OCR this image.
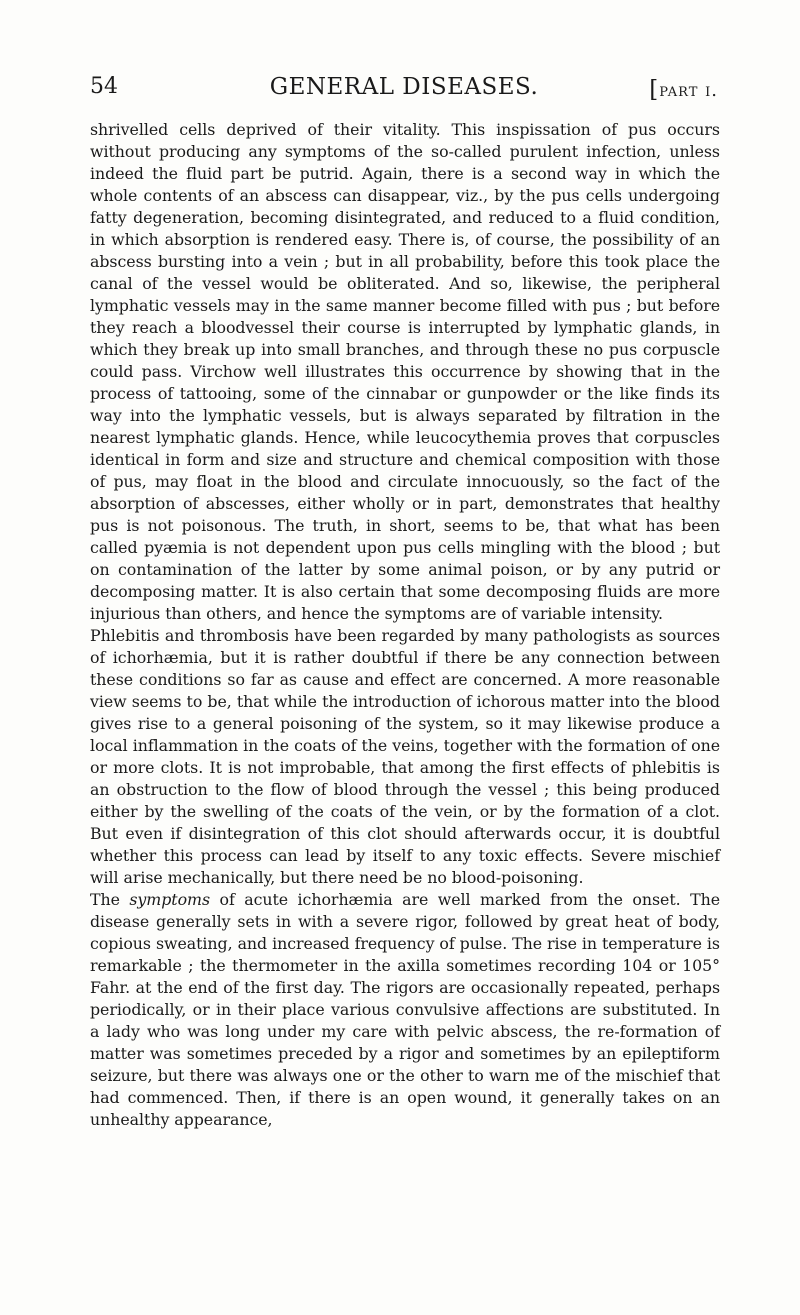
54	GENERAL DISEASES.	[part i.

shrivelled cells deprived of their vitality. This inspissation of pus occurs without producing any symptoms of the so-called purulent infection, unless indeed the fluid part be putrid. Again, there is a second way in which the whole contents of an abscess can disappear, viz., by the pus cells undergoing fatty degeneration, becoming disintegrated, and reduced to a fluid condition, in which absorption is rendered easy. There is, of course, the possibility of an abscess bursting into a vein ; but in all probability, before this took place the canal of the vessel would be obliterated. And so, likewise, the peripheral lymphatic vessels may in the same manner become filled with pus ; but before they reach a bloodvessel their course is interrupted by lymphatic glands, in which they break up into small branches, and through these no pus corpuscle could pass. Virchow well illustrates this occurrence by showing that in the process of tattooing, some of the cinnabar or gunpowder or the like finds its way into the lymphatic vessels, but is always separated by filtration in the nearest lymphatic glands. Hence, while leucocythemia proves that corpuscles identical in form and size and structure and chemical composition with those of pus, may float in the blood and circulate innocuously, so the fact of the absorption of abscesses, either wholly or in part, demonstrates that healthy pus is not poisonous. The truth, in short, seems to be, that what has been called pyæmia is not dependent upon pus cells mingling with the blood ; but on contamination of the latter by some animal poison, or by any putrid or decomposing matter. It is also certain that some decomposing fluids are more injurious than others, and hence the symptoms are of variable intensity.

Phlebitis and thrombosis have been regarded by many pathologists as sources of ichorhæmia, but it is rather doubtful if there be any connection between these conditions so far as cause and effect are concerned. A more reasonable view seems to be, that while the introduction of ichorous matter into the blood gives rise to a general poisoning of the system, so it may likewise produce a local inflammation in the coats of the veins, together with the formation of one or more clots. It is not improbable, that among the first effects of phlebitis is an obstruction to the flow of blood through the vessel ; this being produced either by the swelling of the coats of the vein, or by the formation of a clot. But even if disintegration of this clot should afterwards occur, it is doubtful whether this process can lead by itself to any toxic effects. Severe mischief will arise mechanically, but there need be no blood-poisoning.

The symptoms of acute ichorhæmia are well marked from the onset. The disease generally sets in with a severe rigor, followed by great heat of body, copious sweating, and increased frequency of pulse. The rise in temperature is remarkable ; the thermometer in the axilla sometimes recording 104 or 105° Fahr. at the end of the first day. The rigors are occasionally repeated, perhaps periodically, or in their place various convulsive affections are substituted. In a lady who was long under my care with pelvic abscess, the re-formation of matter was sometimes preceded by a rigor and sometimes by an epileptiform seizure, but there was always one or the other to warn me of the mischief that had commenced. Then, if there is an open wound, it generally takes on an unhealthy appearance,
